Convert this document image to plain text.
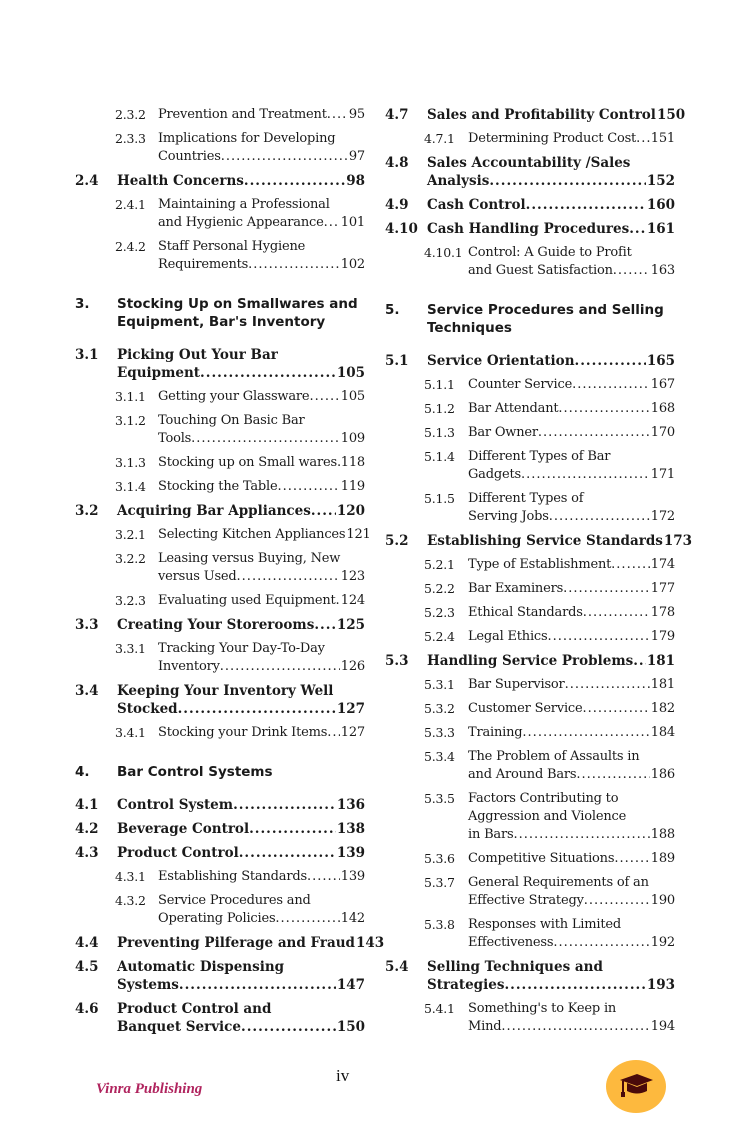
2.3.2 Prevention and Treatment ..... 95
2.3.3 Implications for Developing
Countries .....	97
2.4 Health Concerns .....	98
2.4.1 Maintaining a Professional
and Hygienic Appearance ..... 101
2.4.2 Staff Personal Hygiene
Requirements .....	102
3. Stocking Up on Smallwares and
Equipment, Bar's Inventory
3.1 Picking Out Your Bar
Equipment .....	105
3.1.1 Getting your Glassware ..... 105
3.1.2 Touching On Basic Bar
Tools .....	109
3.1.3 Stocking up on Small wares ..... 118
3.1.4 Stocking the Table .....	119
3.2 Acquiring Bar Appliances ..... 120
3.2.1 Selecting Kitchen Appliances 121
3.2.2 Leasing versus Buying, New
versus Used .....	123
3.2.3 Evaluating used Equipment ..... 124
3.3 Creating Your Storerooms ..... 125
3.3.1 Tracking Your Day-To-Day
Inventory .....	126
3.4 Keeping Your Inventory Well
Stocked .....	127
3.4.1 Stocking your Drink Items ..... 127
4. Bar Control Systems
4.1 Control System .....	136
4.2 Beverage Control .....	138
4.3 Product Control .....	139
4.3.1 Establishing Standards .....	139
4.3.2 Service Procedures and
Operating Policies .....	142
4.4 Preventing Pilferage and Fraud 143
4.5 Automatic Dispensing
Systems .....	147
4.6 Product Control and
Banquet Service .....	150
4.7 Sales and Profitability Control 150
4.7.1 Determining Product Cost ..... 151
4.8 Sales Accountability /Sales
Analysis .....	152
4.9 Cash Control .....	160
4.10 Cash Handling Procedures ..... 161
4.10.1 Control: A Guide to Profit
and Guest Satisfaction .....	163
5. Service Procedures and Selling
Techniques
5.1 Service Orientation .....	165
5.1.1 Counter Service .....	167
5.1.2 Bar Attendant .....	168
5.1.3 Bar Owner .....	170
5.1.4 Different Types of Bar
Gadgets .....	171
5.1.5 Different Types of
Serving Jobs .....	172
5.2 Establishing Service Standards 173
5.2.1 Type of Establishment .....	174
5.2.2 Bar Examiners .....	177
5.2.3 Ethical Standards .....	178
5.2.4 Legal Ethics .....	179
5.3 Handling Service Problems ..... 181
5.3.1 Bar Supervisor .....	181
5.3.2 Customer Service .....	182
5.3.3 Training .....	184
5.3.4 The Problem of Assaults in
and Around Bars .....	186
5.3.5 Factors Contributing to
Aggression and Violence
in Bars .....	188
5.3.6 Competitive Situations .....	189
5.3.7 General Requirements of an
Effective Strategy .....	190
5.3.8 Responses with Limited
Effectiveness .....	192
5.4 Selling Techniques and
Strategies .....	193
5.4.1 Something's to Keep in
Mind .....	194
Vinra Publishing
iv
